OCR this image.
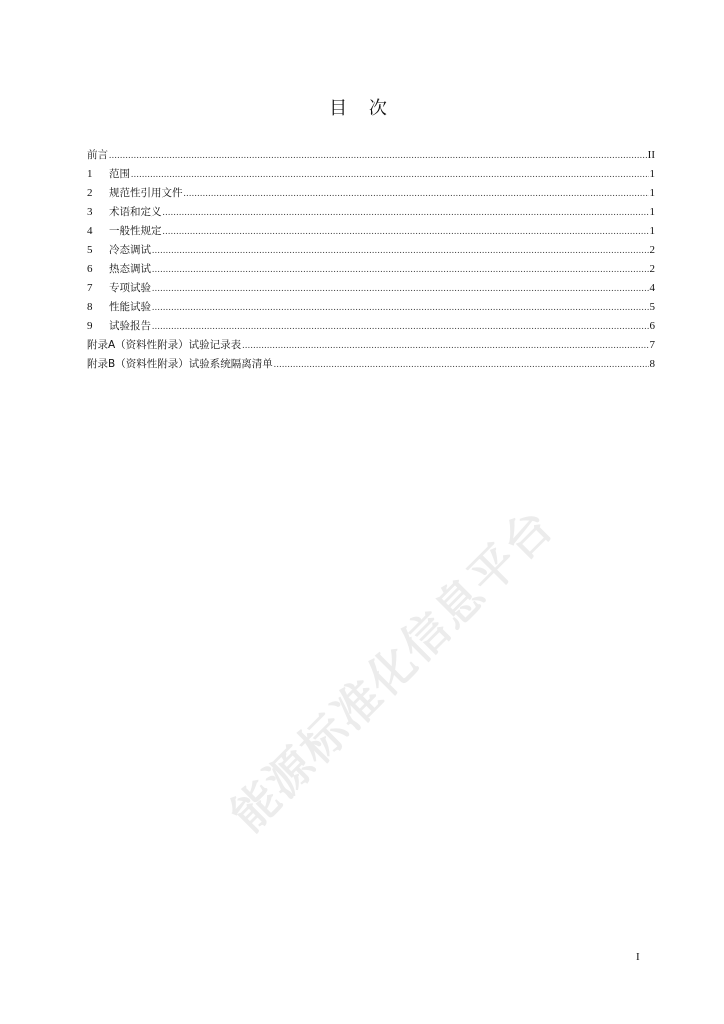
能源标准化信息平台
目 次
前言 .....	II
1	范围 .....	1
2	规范性引用文件 .....	1
3	术语和定义 .....	1
4	一般性规定 .....	1
5	冷态调试 .....	2
6	热态调试 .....	2
7	专项试验 .....	4
8	性能试验 .....	5
9	试验报告 .....	6
附录A（资料性附录）试验记录表 .....	7
附录B（资料性附录）试验系统隔离清单 .....	8
I
